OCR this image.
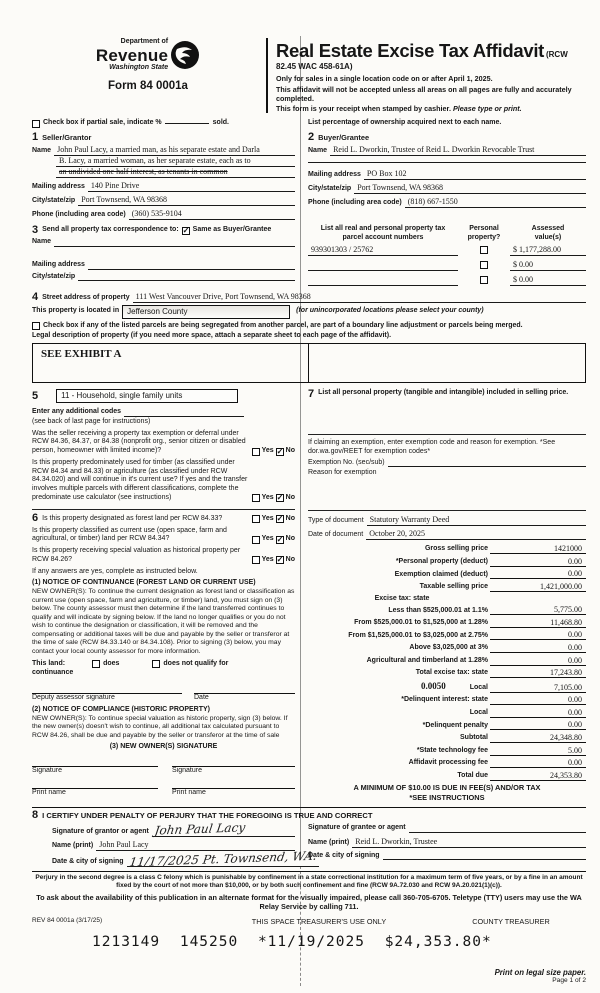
Department of
Revenue
Washington State
Form 84 0001a
Real Estate Excise Tax Affidavit (RCW 82.45 WAC 458-61A)
Only for sales in a single location code on or after April 1, 2025.
This affidavit will not be accepted unless all areas on all pages are fully and accurately completed.
This form is your receipt when stamped by cashier. Please type or print.
Check box if partial sale, indicate %	sold.	List percentage of ownership acquired next to each name.
1 Seller/Grantor
Name John Paul Lacy, a married man, as his separate estate and Darla
B. Lacy, a married woman, as her separate estate, each as to
an undivided one half interest, as tenants in common
Mailing address 140 Pine Drive
City/state/zip Port Townsend, WA 98368
Phone (including area code) (360) 535-9104
2 Buyer/Grantee
Name Reid L. Dworkin, Trustee of Reid L. Dworkin Revocable Trust
Mailing address PO Box 102
City/state/zip Port Townsend, WA 98368
Phone (including area code) (818) 667-1550
3 Send all property tax correspondence to: ✓ Same as Buyer/Grantee
Name
Mailing address
City/state/zip
List all real and personal property tax
parcel account numbers
Personal
property?
Assessed
value(s)
939301303 / 25762	$ 1,177,288.00
$ 0.00
$ 0.00
4 Street address of property 111 West Vancouver Drive, Port Townsend, WA 98368
This property is located in	Jefferson County	(for unincorporated locations please select your county)
Check box if any of the listed parcels are being segregated from another parcel, are part of a boundary line adjustment or parcels being merged.
Legal description of property (if you need more space, attach a separate sheet to each page of the affidavit).
SEE EXHIBIT A
5	11 - Household, single family units
Enter any additional codes
(see back of last page for instructions)
Was the seller receiving a property tax exemption or deferral under RCW 84.36, 84.37, or 84.38 (nonprofit org., senior citizen or disabled person, homeowner with limited income)?	Yes ✓ No
Is this property predominately used for timber (as classified under RCW 84.34 and 84.33) or agriculture (as classified under RCW 84.34.020) and will continue in it's current use? If yes and the transfer involves multiple parcels with different classifications, complete the predominate use calculator (see instructions)	Yes ✓ No
6 Is this property designated as forest land per RCW 84.33?	Yes ✓ No
Is this property classified as current use (open space, farm and agricultural, or timber) land per RCW 84.34?	Yes ✓ No
Is this property receiving special valuation as historical property per RCW 84.26?	Yes ✓ No
If any answers are yes, complete as instructed below.
(1) NOTICE OF CONTINUANCE (FOREST LAND OR CURRENT USE)
NEW OWNER(S): To continue the current designation as forest land or classification as current use (open space, farm and agriculture, or timber) land, you must sign on (3) below. The county assessor must then determine if the land transferred continues to qualify and will indicate by signing below. If the land no longer qualifies or you do not wish to continue the designation or classification, it will be removed and the compensating or additional taxes will be due and payable by the seller or transferor at the time of sale (RCW 84.33.140 or 84.34.108). Prior to signing (3) below, you may contact your local county assessor for more information.
This land:	does	does not qualify for
continuance
Deputy assessor signature	Date
(2) NOTICE OF COMPLIANCE (HISTORIC PROPERTY)
NEW OWNER(S): To continue special valuation as historic property, sign (3) below. If the new owner(s) doesn't wish to continue, all additional tax calculated pursuant to RCW 84.26, shall be due and payable by the seller or transferor at the time of sale
(3) NEW OWNER(S) SIGNATURE
Signature	Signature
Print name	Print name
7 List all personal property (tangible and intangible) included in selling price.
If claiming an exemption, enter exemption code and reason for exemption. *See dor.wa.gov/REET for exemption codes*
Exemption No. (sec/sub)
Reason for exemption
Type of document Statutory Warranty Deed
Date of document October 20, 2025
Gross selling price	1421000
*Personal property (deduct)	0.00
Exemption claimed (deduct)	0.00
Taxable selling price	1,421,000.00
Excise tax: state
Less than $525,000.01 at 1.1%	5,775.00
From $525,000.01 to $1,525,000 at 1.28%	11,468.80
From $1,525,000.01 to $3,025,000 at 2.75%	0.00
Above $3,025,000 at 3%	0.00
Agricultural and timberland at 1.28%	0.00
Total excise tax: state	17,243.80
0.0050	Local	7,105.00
*Delinquent interest: state	0.00
Local	0.00
*Delinquent penalty	0.00
Subtotal	24,348.80
*State technology fee	5.00
Affidavit processing fee	0.00
Total due	24,353.80
A MINIMUM OF $10.00 IS DUE IN FEE(S) AND/OR TAX
*SEE INSTRUCTIONS
8 I CERTIFY UNDER PENALTY OF PERJURY THAT THE FOREGOING IS TRUE AND CORRECT
Signature of grantor or agent John Paul Lacy
Name (print) John Paul Lacy
Date & city of signing 11/17/2025 Pt. Townsend, WA.
Signature of grantee or agent
Name (print) Reid L. Dworkin, Trustee
Date & city of signing
Perjury in the second degree is a class C felony which is punishable by confinement in a state correctional institution for a maximum term of five years, or by a fine in an amount fixed by the court of not more than $10,000, or by both such confinement and fine (RCW 9A.72.030 and RCW 9A.20.021(1)(c)).
To ask about the availability of this publication in an alternate format for the visually impaired, please call 360-705-6705. Teletype (TTY) users may use the WA Relay Service by calling 711.
REV 84 0001a (3/17/25)	THIS SPACE TREASURER'S USE ONLY	COUNTY TREASURER
1213149 145250 *11/19/2025 $24,353.80*
Print on legal size paper.
Page 1 of 2
